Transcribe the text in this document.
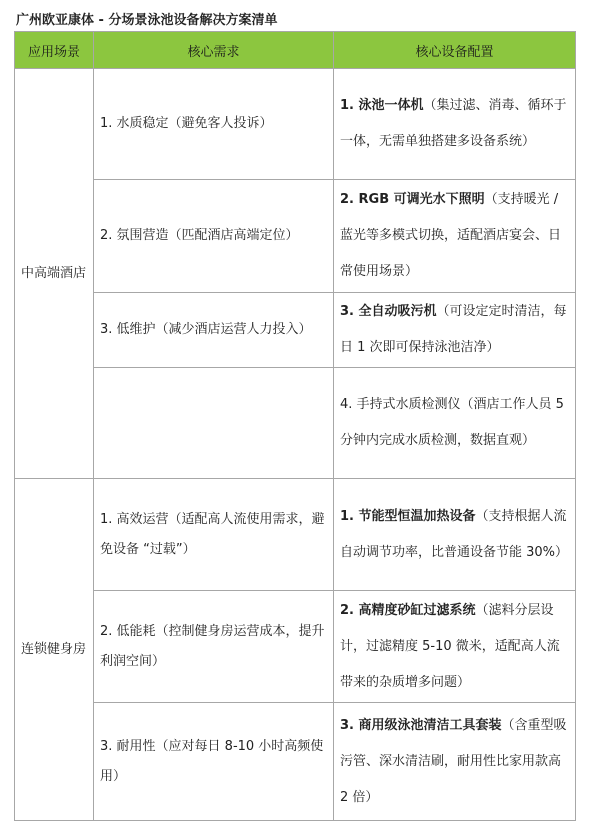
广州欧亚康体 - 分场景泳池设备解决方案清单
应用场景	核心需求	核心设备配置
中高端酒店	1. 水质稳定（避免客人投诉）	1. 泳池一体机（集过滤、消毒、循环于一体，无需单独搭建多设备系统）
	2. 氛围营造（匹配酒店高端定位）	2. RGB 可调光水下照明（支持暖光 / 蓝光等多模式切换，适配酒店宴会、日常使用场景）
	3. 低维护（减少酒店运营人力投入）	3. 全自动吸污机（可设定定时清洁，每日 1 次即可保持泳池洁净）
		4. 手持式水质检测仪（酒店工作人员 5 分钟内完成水质检测，数据直观）
连锁健身房	1. 高效运营（适配高人流使用需求，避免设备 “过载”）	1. 节能型恒温加热设备（支持根据人流自动调节功率，比普通设备节能 30%）
	2. 低能耗（控制健身房运营成本，提升利润空间）	2. 高精度砂缸过滤系统（滤料分层设计，过滤精度 5-10 微米，适配高人流带来的杂质增多问题）
	3. 耐用性（应对每日 8-10 小时高频使用）	3. 商用级泳池清洁工具套装（含重型吸污管、深水清洁刷，耐用性比家用款高 2 倍）
